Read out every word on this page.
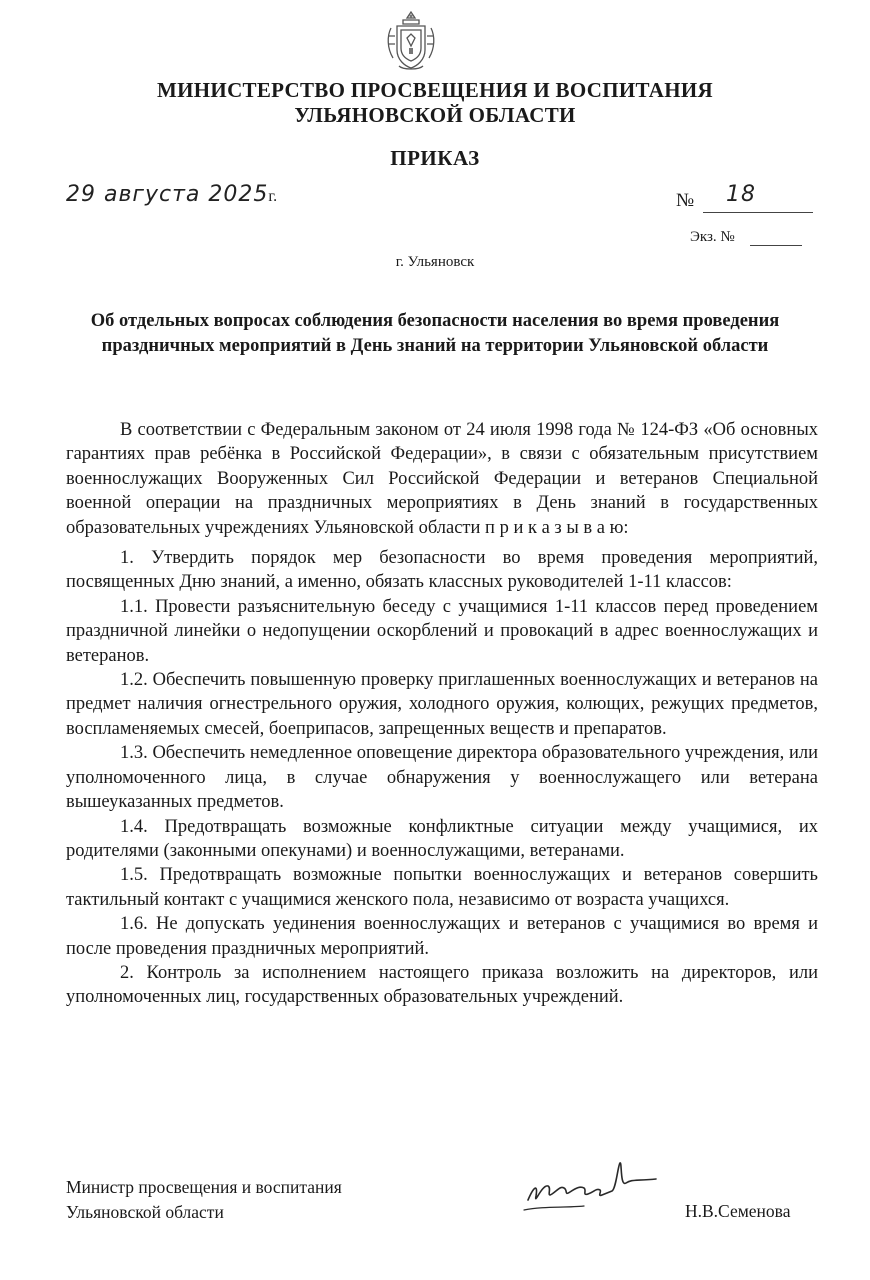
МИНИСТЕРСТВО ПРОСВЕЩЕНИЯ И ВОСПИТАНИЯ
УЛЬЯНОВСКОЙ ОБЛАСТИ
ПРИКАЗ
29 августа 2025г.	№ 18
Экз. №
г. Ульяновск
Об отдельных вопросах соблюдения безопасности населения во время проведения праздничных мероприятий в День знаний на территории Ульяновской области

В соответствии с Федеральным законом от 24 июля 1998 года № 124-ФЗ «Об основных гарантиях прав ребёнка в Российской Федерации», в связи с обязательным присутствием военнослужащих Вооруженных Сил Российской Федерации и ветеранов Специальной военной операции на праздничных мероприятиях в День знаний в государственных образовательных учреждениях Ульяновской области п р и к а з ы в а ю:

1. Утвердить порядок мер безопасности во время проведения мероприятий, посвященных Дню знаний, а именно, обязать классных руководителей 1-11 классов:

1.1. Провести разъяснительную беседу с учащимися 1-11 классов перед проведением праздничной линейки о недопущении оскорблений и провокаций в адрес военнослужащих и ветеранов.

1.2. Обеспечить повышенную проверку приглашенных военнослужащих и ветеранов на предмет наличия огнестрельного оружия, холодного оружия, колющих, режущих предметов, воспламеняемых смесей, боеприпасов, запрещенных веществ и препаратов.

1.3. Обеспечить немедленное оповещение директора образовательного учреждения, или уполномоченного лица, в случае обнаружения у военнослужащего или ветерана вышеуказанных предметов.

1.4. Предотвращать возможные конфликтные ситуации между учащимися, их родителями (законными опекунами) и военнослужащими, ветеранами.

1.5. Предотвращать возможные попытки военнослужащих и ветеранов совершить тактильный контакт с учащимися женского пола, независимо от возраста учащихся.

1.6. Не допускать уединения военнослужащих и ветеранов с учащимися во время и после проведения праздничных мероприятий.

2. Контроль за исполнением настоящего приказа возложить на директоров, или уполномоченных лиц, государственных образовательных учреждений.

Министр просвещения и воспитания
Ульяновской области	Н.В.Семенова
